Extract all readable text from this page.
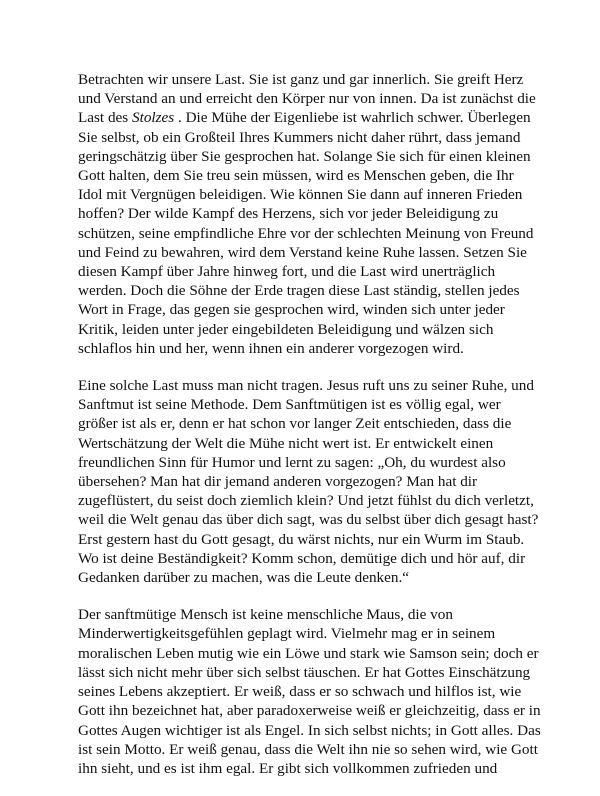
Betrachten wir unsere Last. Sie ist ganz und gar innerlich. Sie greift Herz
und Verstand an und erreicht den Körper nur von innen. Da ist zunächst die
Last des Stolzes . Die Mühe der Eigenliebe ist wahrlich schwer. Überlegen
Sie selbst, ob ein Großteil Ihres Kummers nicht daher rührt, dass jemand
geringschätzig über Sie gesprochen hat. Solange Sie sich für einen kleinen
Gott halten, dem Sie treu sein müssen, wird es Menschen geben, die Ihr
Idol mit Vergnügen beleidigen. Wie können Sie dann auf inneren Frieden
hoffen? Der wilde Kampf des Herzens, sich vor jeder Beleidigung zu
schützen, seine empfindliche Ehre vor der schlechten Meinung von Freund
und Feind zu bewahren, wird dem Verstand keine Ruhe lassen. Setzen Sie
diesen Kampf über Jahre hinweg fort, und die Last wird unerträglich
werden. Doch die Söhne der Erde tragen diese Last ständig, stellen jedes
Wort in Frage, das gegen sie gesprochen wird, winden sich unter jeder
Kritik, leiden unter jeder eingebildeten Beleidigung und wälzen sich
schlaflos hin und her, wenn ihnen ein anderer vorgezogen wird.

Eine solche Last muss man nicht tragen. Jesus ruft uns zu seiner Ruhe, und
Sanftmut ist seine Methode. Dem Sanftmütigen ist es völlig egal, wer
größer ist als er, denn er hat schon vor langer Zeit entschieden, dass die
Wertschätzung der Welt die Mühe nicht wert ist. Er entwickelt einen
freundlichen Sinn für Humor und lernt zu sagen: „Oh, du wurdest also
übersehen? Man hat dir jemand anderen vorgezogen? Man hat dir
zugeflüstert, du seist doch ziemlich klein? Und jetzt fühlst du dich verletzt,
weil die Welt genau das über dich sagt, was du selbst über dich gesagt hast?
Erst gestern hast du Gott gesagt, du wärst nichts, nur ein Wurm im Staub.
Wo ist deine Beständigkeit? Komm schon, demütige dich und hör auf, dir
Gedanken darüber zu machen, was die Leute denken.“

Der sanftmütige Mensch ist keine menschliche Maus, die von
Minderwertigkeitsgefühlen geplagt wird. Vielmehr mag er in seinem
moralischen Leben mutig wie ein Löwe und stark wie Samson sein; doch er
lässt sich nicht mehr über sich selbst täuschen. Er hat Gottes Einschätzung
seines Lebens akzeptiert. Er weiß, dass er so schwach und hilflos ist, wie
Gott ihn bezeichnet hat, aber paradoxerweise weiß er gleichzeitig, dass er in
Gottes Augen wichtiger ist als Engel. In sich selbst nichts; in Gott alles. Das
ist sein Motto. Er weiß genau, dass die Welt ihn nie so sehen wird, wie Gott
ihn sieht, und es ist ihm egal. Er gibt sich vollkommen zufrieden und
